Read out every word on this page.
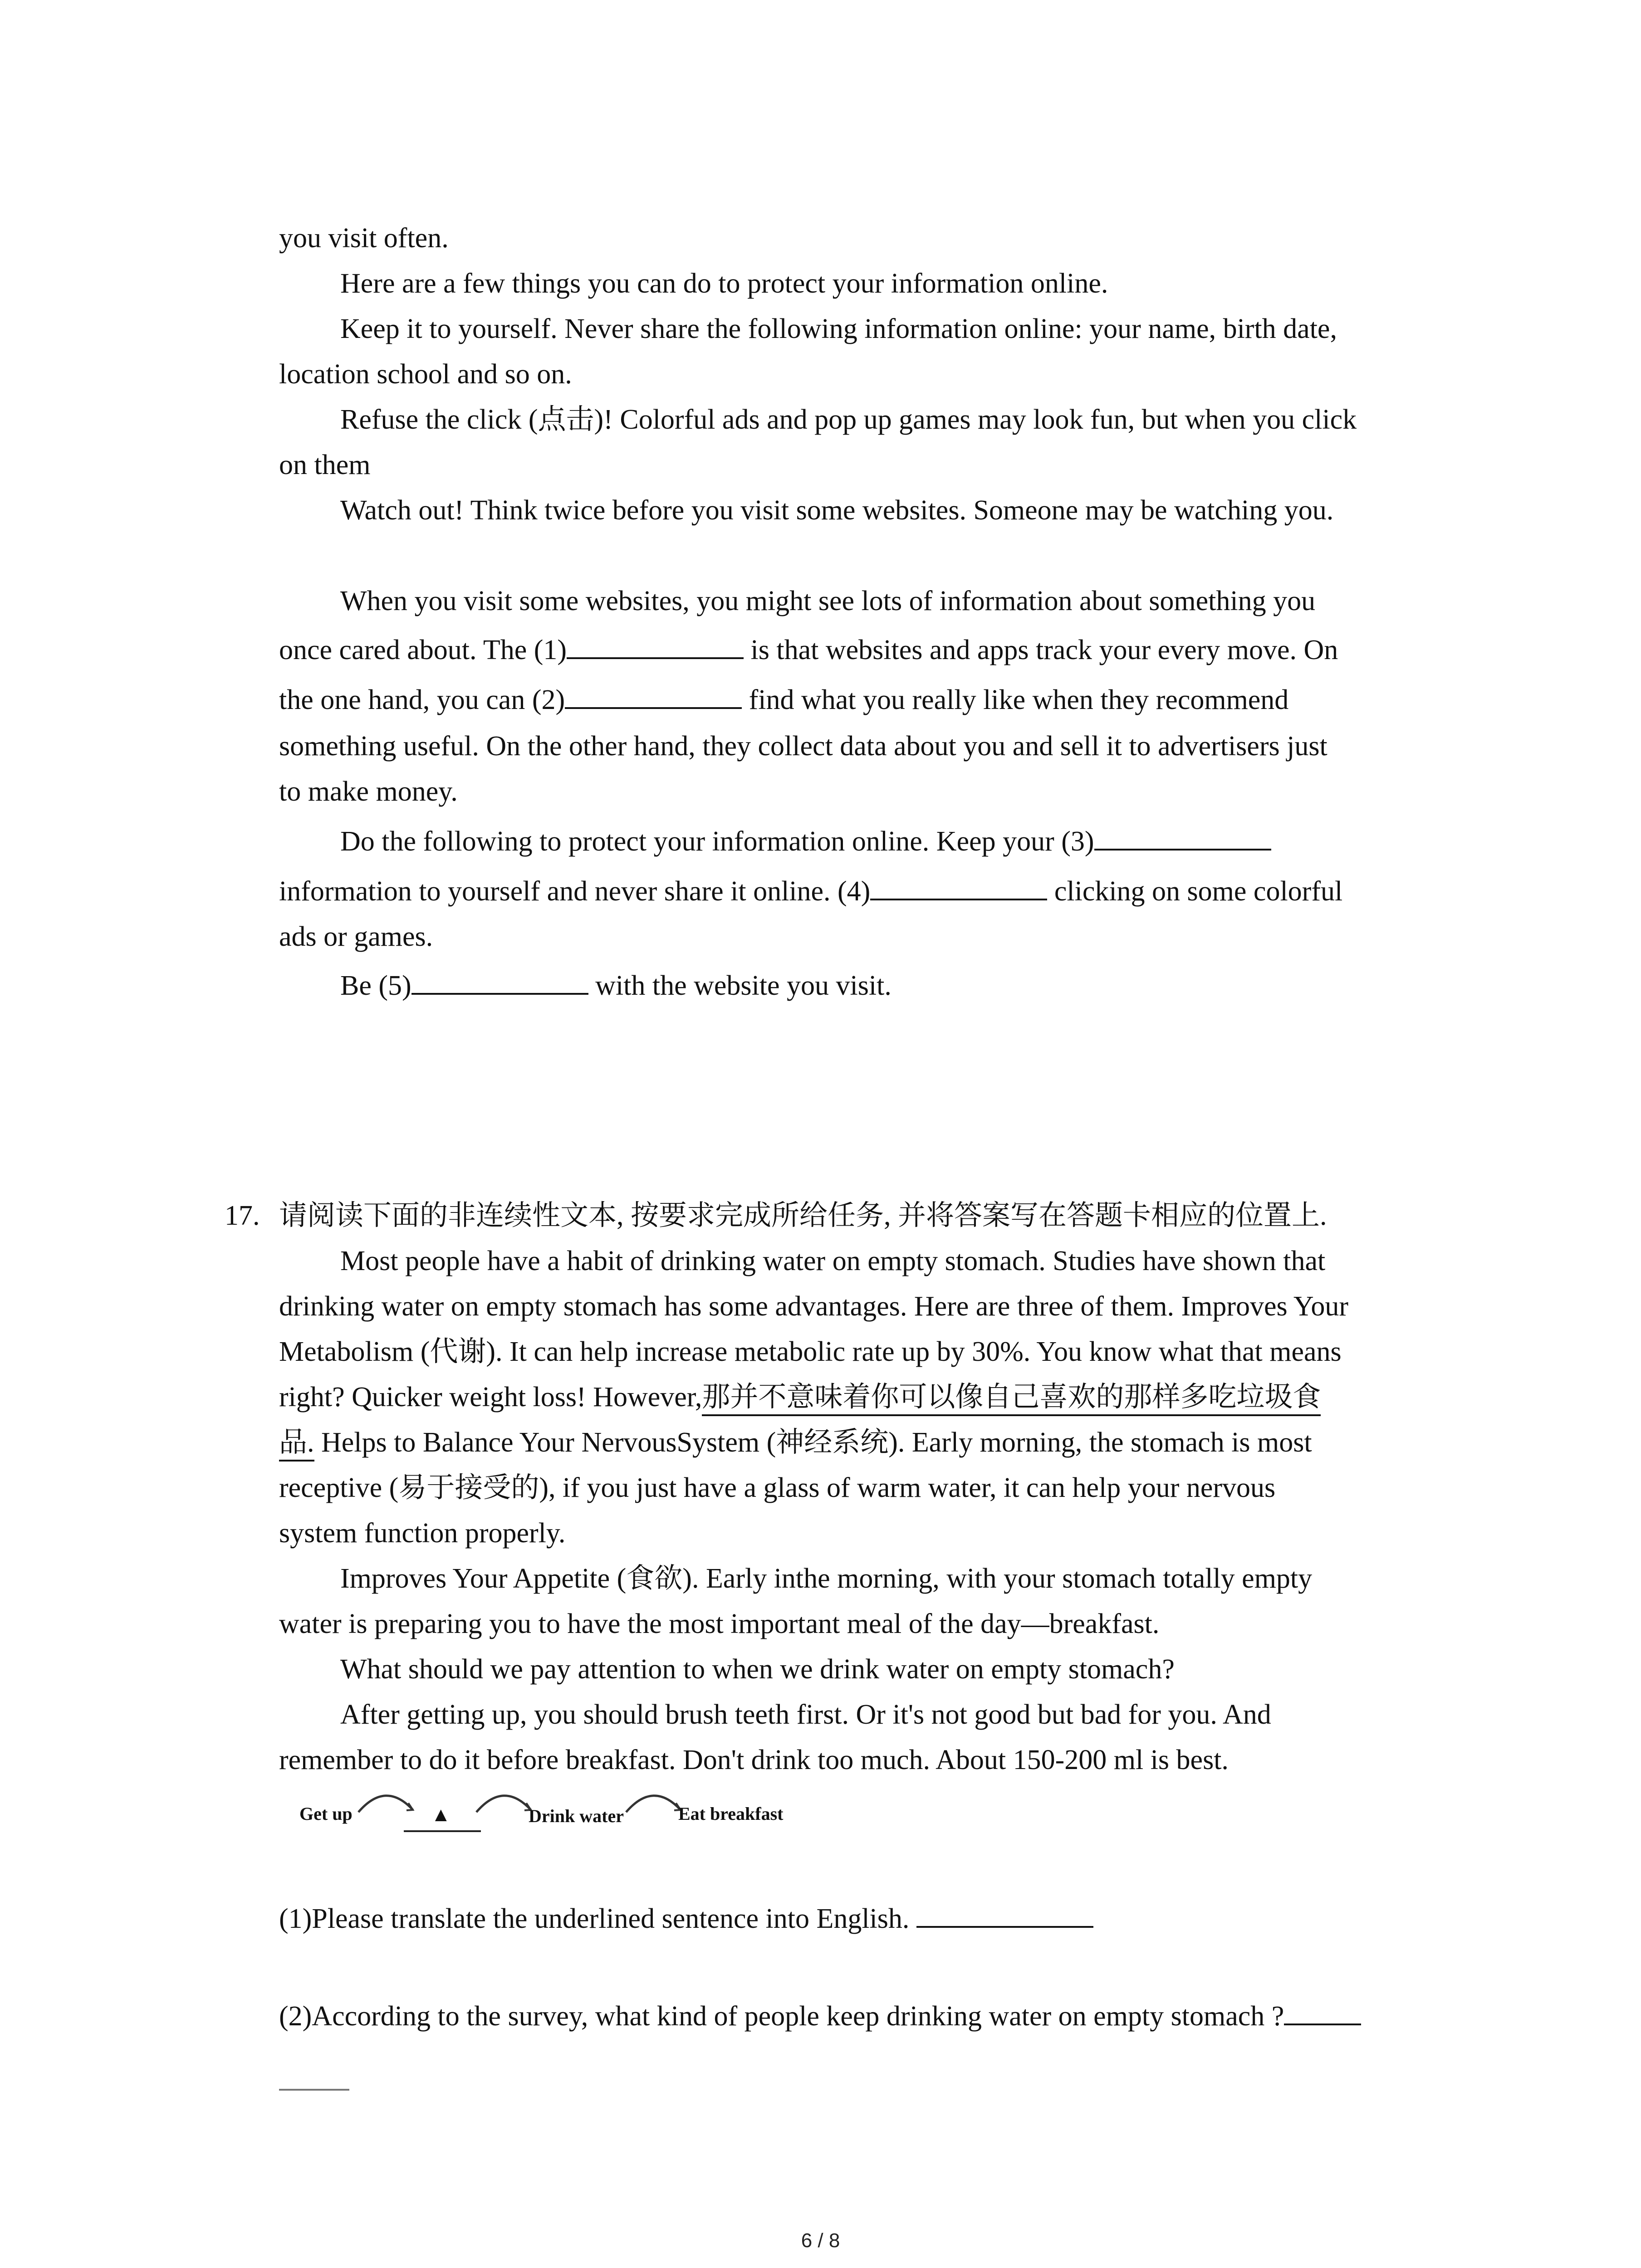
you visit often.
Here are a few things you can do to protect your information online.
Keep it to yourself. Never share the following information online: your name, birth date,
location school and so on.
Refuse the click (点击)! Colorful ads and pop up games may look fun, but when you click
on them
Watch out! Think twice before you visit some websites. Someone may be watching you.
When you visit some websites, you might see lots of information about something you
once cared about. The (1)	is that websites and apps track your every move. On
the one hand, you can (2)	find what you really like when they recommend
something useful. On the other hand, they collect data about you and sell it to advertisers just
to make money.
Do the following to protect your information online. Keep your (3)
information to yourself and never share it online. (4)	clicking on some colorful
ads or games.
Be (5)	with the website you visit.
17. 请阅读下面的非连续性文本, 按要求完成所给任务, 并将答案写在答题卡相应的位置上.
Most people have a habit of drinking water on empty stomach. Studies have shown that
drinking water on empty stomach has some advantages. Here are three of them. Improves Your
Metabolism (代谢). It can help increase metabolic rate up by 30%. You know what that means
right? Quicker weight loss! However,那并不意味着你可以像自己喜欢的那样多吃垃圾食
品. Helps to Balance Your NervousSystem (神经系统). Early morning, the stomach is most
receptive (易于接受的), if you just have a glass of warm water, it can help your nervous
system function properly.
Improves Your Appetite (食欲). Early inthe morning, with your stomach totally empty
water is preparing you to have the most important meal of the day—breakfast.
What should we pay attention to when we drink water on empty stomach?
After getting up, you should brush teeth first. Or it's not good but bad for you. And
remember to do it before breakfast. Don't drink too much. About 150-200 ml is best.
Get up	▲	Drink water	Eat breakfast
(1)Please translate the underlined sentence into English.
(2)According to the survey, what kind of people keep drinking water on empty stomach ?
6 / 8
